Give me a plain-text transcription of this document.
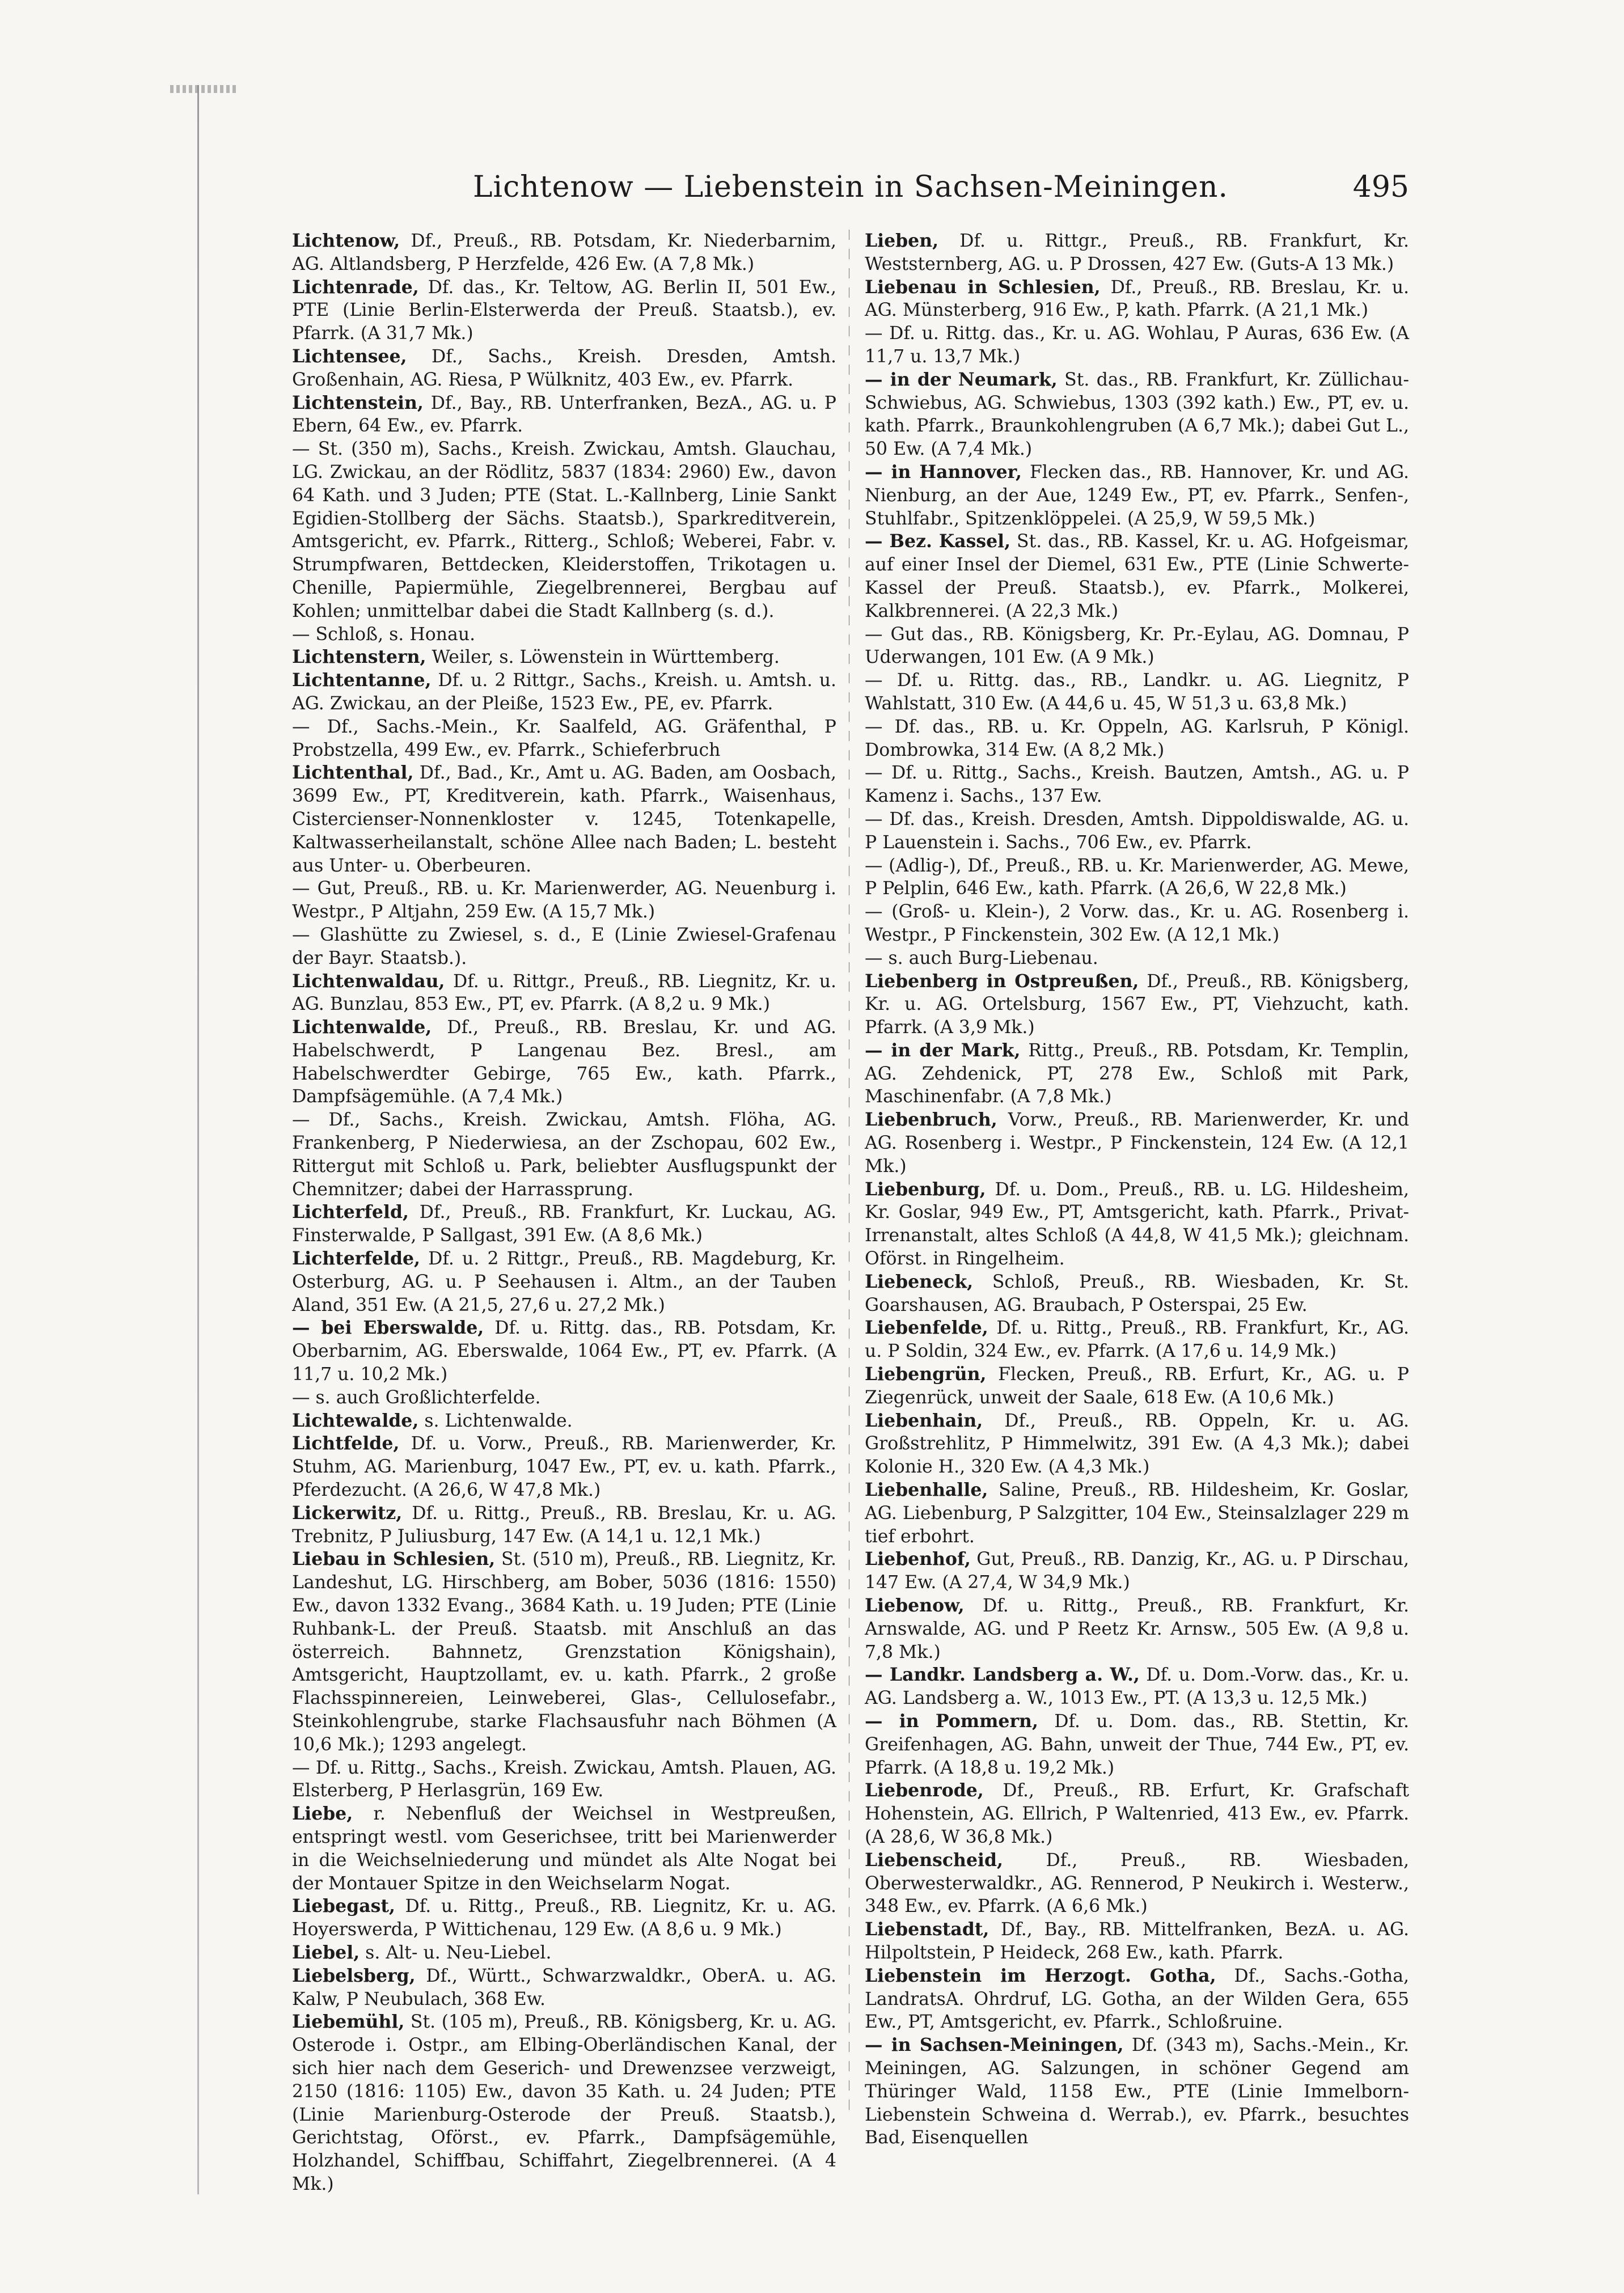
Lichtenow — Liebenstein in Sachsen-Meiningen.	495

Lichtenow, Df., Preuß., RB. Potsdam, Kr. Niederbarnim, AG. Altlandsberg, P Herzfelde, 426 Ew. (A 7,8 Mk.)

Lichtenrade, Df. das., Kr. Teltow, AG. Berlin II, 501 Ew., PTE (Linie Berlin-Elsterwerda der Preuß. Staatsb.), ev. Pfarrk. (A 31,7 Mk.)

Lichtensee, Df., Sachs., Kreish. Dresden, Amtsh. Großenhain, AG. Riesa, P Wülknitz, 403 Ew., ev. Pfarrk.

Lichtenstein, Df., Bay., RB. Unterfranken, BezA., AG. u. P Ebern, 64 Ew., ev. Pfarrk.

— St. (350 m), Sachs., Kreish. Zwickau, Amtsh. Glauchau, LG. Zwickau, an der Rödlitz, 5837 (1834: 2960) Ew., davon 64 Kath. und 3 Juden; PTE (Stat. L.-Kallnberg, Linie Sankt Egidien-Stollberg der Sächs. Staatsb.), Sparkreditverein, Amtsgericht, ev. Pfarrk., Ritterg., Schloß; Weberei, Fabr. v. Strumpfwaren, Bettdecken, Kleiderstoffen, Trikotagen u. Chenille, Papiermühle, Ziegelbrennerei, Bergbau auf Kohlen; unmittelbar dabei die Stadt Kallnberg (s. d.).

— Schloß, s. Honau.

Lichtenstern, Weiler, s. Löwenstein in Württemberg.

Lichtentanne, Df. u. 2 Rittgr., Sachs., Kreish. u. Amtsh. u. AG. Zwickau, an der Pleiße, 1523 Ew., PE, ev. Pfarrk.

— Df., Sachs.-Mein., Kr. Saalfeld, AG. Gräfenthal, P Probstzella, 499 Ew., ev. Pfarrk., Schieferbruch

Lichtenthal, Df., Bad., Kr., Amt u. AG. Baden, am Oosbach, 3699 Ew., PT, Kreditverein, kath. Pfarrk., Waisenhaus, Cistercienser-Nonnenkloster v. 1245, Totenkapelle, Kaltwasserheilanstalt, schöne Allee nach Baden; L. besteht aus Unter- u. Oberbeuren.

— Gut, Preuß., RB. u. Kr. Marienwerder, AG. Neuenburg i. Westpr., P Altjahn, 259 Ew. (A 15,7 Mk.)

— Glashütte zu Zwiesel, s. d., E (Linie Zwiesel-Grafenau der Bayr. Staatsb.).

Lichtenwaldau, Df. u. Rittgr., Preuß., RB. Liegnitz, Kr. u. AG. Bunzlau, 853 Ew., PT, ev. Pfarrk. (A 8,2 u. 9 Mk.)

Lichtenwalde, Df., Preuß., RB. Breslau, Kr. und AG. Habelschwerdt, P Langenau Bez. Bresl., am Habelschwerdter Gebirge, 765 Ew., kath. Pfarrk., Dampfsägemühle. (A 7,4 Mk.)

— Df., Sachs., Kreish. Zwickau, Amtsh. Flöha, AG. Frankenberg, P Niederwiesa, an der Zschopau, 602 Ew., Rittergut mit Schloß u. Park, beliebter Ausflugspunkt der Chemnitzer; dabei der Harrassprung.

Lichterfeld, Df., Preuß., RB. Frankfurt, Kr. Luckau, AG. Finsterwalde, P Sallgast, 391 Ew. (A 8,6 Mk.)

Lichterfelde, Df. u. 2 Rittgr., Preuß., RB. Magdeburg, Kr. Osterburg, AG. u. P Seehausen i. Altm., an der Tauben Aland, 351 Ew. (A 21,5, 27,6 u. 27,2 Mk.)

— bei Eberswalde, Df. u. Rittg. das., RB. Potsdam, Kr. Oberbarnim, AG. Eberswalde, 1064 Ew., PT, ev. Pfarrk. (A 11,7 u. 10,2 Mk.)

— s. auch Großlichterfelde.

Lichtewalde, s. Lichtenwalde.

Lichtfelde, Df. u. Vorw., Preuß., RB. Marienwerder, Kr. Stuhm, AG. Marienburg, 1047 Ew., PT, ev. u. kath. Pfarrk., Pferdezucht. (A 26,6, W 47,8 Mk.)

Lickerwitz, Df. u. Rittg., Preuß., RB. Breslau, Kr. u. AG. Trebnitz, P Juliusburg, 147 Ew. (A 14,1 u. 12,1 Mk.)

Liebau in Schlesien, St. (510 m), Preuß., RB. Liegnitz, Kr. Landeshut, LG. Hirschberg, am Bober, 5036 (1816: 1550) Ew., davon 1332 Evang., 3684 Kath. u. 19 Juden; PTE (Linie Ruhbank-L. der Preuß. Staatsb. mit Anschluß an das österreich. Bahnnetz, Grenzstation Königshain), Amtsgericht, Hauptzollamt, ev. u. kath. Pfarrk., 2 große Flachsspinnereien, Leinweberei, Glas-, Cellulosefabr., Steinkohlengrube, starke Flachsausfuhr nach Böhmen (A 10,6 Mk.); 1293 angelegt.

— Df. u. Rittg., Sachs., Kreish. Zwickau, Amtsh. Plauen, AG. Elsterberg, P Herlasgrün, 169 Ew.

Liebe, r. Nebenfluß der Weichsel in Westpreußen, entspringt westl. vom Geserichsee, tritt bei Marienwerder in die Weichselniederung und mündet als Alte Nogat bei der Montauer Spitze in den Weichselarm Nogat.

Liebegast, Df. u. Rittg., Preuß., RB. Liegnitz, Kr. u. AG. Hoyerswerda, P Wittichenau, 129 Ew. (A 8,6 u. 9 Mk.)

Liebel, s. Alt- u. Neu-Liebel.

Liebelsberg, Df., Württ., Schwarzwaldkr., OberA. u. AG. Kalw, P Neubulach, 368 Ew.

Liebemühl, St. (105 m), Preuß., RB. Königsberg, Kr. u. AG. Osterode i. Ostpr., am Elbing-Oberländischen Kanal, der sich hier nach dem Geserich- und Drewenzsee verzweigt, 2150 (1816: 1105) Ew., davon 35 Kath. u. 24 Juden; PTE (Linie Marienburg-Osterode der Preuß. Staatsb.), Gerichtstag, Oförst., ev. Pfarrk., Dampfsägemühle, Holzhandel, Schiffbau, Schiffahrt, Ziegelbrennerei. (A 4 Mk.)

Lieben, Df. u. Rittgr., Preuß., RB. Frankfurt, Kr. Weststernberg, AG. u. P Drossen, 427 Ew. (Guts-A 13 Mk.)

Liebenau in Schlesien, Df., Preuß., RB. Breslau, Kr. u. AG. Münsterberg, 916 Ew., P, kath. Pfarrk. (A 21,1 Mk.)

— Df. u. Rittg. das., Kr. u. AG. Wohlau, P Auras, 636 Ew. (A 11,7 u. 13,7 Mk.)

— in der Neumark, St. das., RB. Frankfurt, Kr. Züllichau-Schwiebus, AG. Schwiebus, 1303 (392 kath.) Ew., PT, ev. u. kath. Pfarrk., Braunkohlengruben (A 6,7 Mk.); dabei Gut L., 50 Ew. (A 7,4 Mk.)

— in Hannover, Flecken das., RB. Hannover, Kr. und AG. Nienburg, an der Aue, 1249 Ew., PT, ev. Pfarrk., Senfen-, Stuhlfabr., Spitzenklöppelei. (A 25,9, W 59,5 Mk.)

— Bez. Kassel, St. das., RB. Kassel, Kr. u. AG. Hofgeismar, auf einer Insel der Diemel, 631 Ew., PTE (Linie Schwerte-Kassel der Preuß. Staatsb.), ev. Pfarrk., Molkerei, Kalkbrennerei. (A 22,3 Mk.)

— Gut das., RB. Königsberg, Kr. Pr.-Eylau, AG. Domnau, P Uderwangen, 101 Ew. (A 9 Mk.)

— Df. u. Rittg. das., RB., Landkr. u. AG. Liegnitz, P Wahlstatt, 310 Ew. (A 44,6 u. 45, W 51,3 u. 63,8 Mk.)

— Df. das., RB. u. Kr. Oppeln, AG. Karlsruh, P Königl. Dombrowka, 314 Ew. (A 8,2 Mk.)

— Df. u. Rittg., Sachs., Kreish. Bautzen, Amtsh., AG. u. P Kamenz i. Sachs., 137 Ew.

— Df. das., Kreish. Dresden, Amtsh. Dippoldiswalde, AG. u. P Lauenstein i. Sachs., 706 Ew., ev. Pfarrk.

— (Adlig-), Df., Preuß., RB. u. Kr. Marienwerder, AG. Mewe, P Pelplin, 646 Ew., kath. Pfarrk. (A 26,6, W 22,8 Mk.)

— (Groß- u. Klein-), 2 Vorw. das., Kr. u. AG. Rosenberg i. Westpr., P Finckenstein, 302 Ew. (A 12,1 Mk.)

— s. auch Burg-Liebenau.

Liebenberg in Ostpreußen, Df., Preuß., RB. Königsberg, Kr. u. AG. Ortelsburg, 1567 Ew., PT, Viehzucht, kath. Pfarrk. (A 3,9 Mk.)

— in der Mark, Rittg., Preuß., RB. Potsdam, Kr. Templin, AG. Zehdenick, PT, 278 Ew., Schloß mit Park, Maschinenfabr. (A 7,8 Mk.)

Liebenbruch, Vorw., Preuß., RB. Marienwerder, Kr. und AG. Rosenberg i. Westpr., P Finckenstein, 124 Ew. (A 12,1 Mk.)

Liebenburg, Df. u. Dom., Preuß., RB. u. LG. Hildesheim, Kr. Goslar, 949 Ew., PT, Amtsgericht, kath. Pfarrk., Privat-Irrenanstalt, altes Schloß (A 44,8, W 41,5 Mk.); gleichnam. Oförst. in Ringelheim.

Liebeneck, Schloß, Preuß., RB. Wiesbaden, Kr. St. Goarshausen, AG. Braubach, P Osterspai, 25 Ew.

Liebenfelde, Df. u. Rittg., Preuß., RB. Frankfurt, Kr., AG. u. P Soldin, 324 Ew., ev. Pfarrk. (A 17,6 u. 14,9 Mk.)

Liebengrün, Flecken, Preuß., RB. Erfurt, Kr., AG. u. P Ziegenrück, unweit der Saale, 618 Ew. (A 10,6 Mk.)

Liebenhain, Df., Preuß., RB. Oppeln, Kr. u. AG. Großstrehlitz, P Himmelwitz, 391 Ew. (A 4,3 Mk.); dabei Kolonie H., 320 Ew. (A 4,3 Mk.)

Liebenhalle, Saline, Preuß., RB. Hildesheim, Kr. Goslar, AG. Liebenburg, P Salzgitter, 104 Ew., Steinsalzlager 229 m tief erbohrt.

Liebenhof, Gut, Preuß., RB. Danzig, Kr., AG. u. P Dirschau, 147 Ew. (A 27,4, W 34,9 Mk.)

Liebenow, Df. u. Rittg., Preuß., RB. Frankfurt, Kr. Arnswalde, AG. und P Reetz Kr. Arnsw., 505 Ew. (A 9,8 u. 7,8 Mk.)

— Landkr. Landsberg a. W., Df. u. Dom.-Vorw. das., Kr. u. AG. Landsberg a. W., 1013 Ew., PT. (A 13,3 u. 12,5 Mk.)

— in Pommern, Df. u. Dom. das., RB. Stettin, Kr. Greifenhagen, AG. Bahn, unweit der Thue, 744 Ew., PT, ev. Pfarrk. (A 18,8 u. 19,2 Mk.)

Liebenrode, Df., Preuß., RB. Erfurt, Kr. Grafschaft Hohenstein, AG. Ellrich, P Waltenried, 413 Ew., ev. Pfarrk. (A 28,6, W 36,8 Mk.)

Liebenscheid, Df., Preuß., RB. Wiesbaden, Oberwesterwaldkr., AG. Rennerod, P Neukirch i. Westerw., 348 Ew., ev. Pfarrk. (A 6,6 Mk.)

Liebenstadt, Df., Bay., RB. Mittelfranken, BezA. u. AG. Hilpoltstein, P Heideck, 268 Ew., kath. Pfarrk.

Liebenstein im Herzogt. Gotha, Df., Sachs.-Gotha, LandratsA. Ohrdruf, LG. Gotha, an der Wilden Gera, 655 Ew., PT, Amtsgericht, ev. Pfarrk., Schloßruine.

— in Sachsen-Meiningen, Df. (343 m), Sachs.-Mein., Kr. Meiningen, AG. Salzungen, in schöner Gegend am Thüringer Wald, 1158 Ew., PTE (Linie Immelborn-Liebenstein Schweina d. Werrab.), ev. Pfarrk., besuchtes Bad, Eisenquellen
